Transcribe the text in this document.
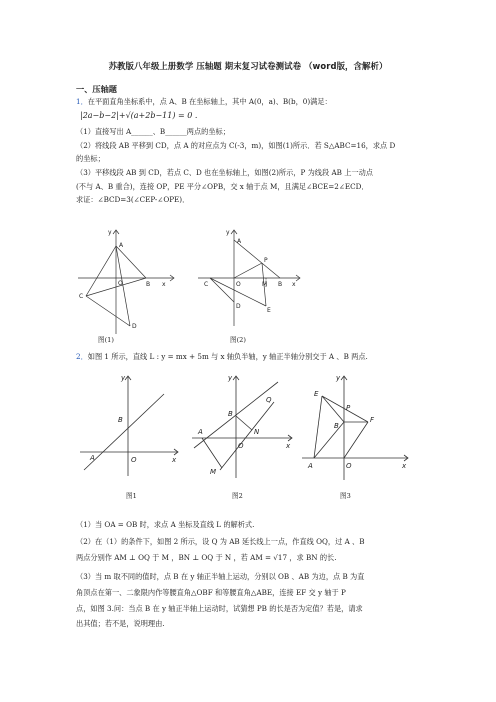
苏教版八年级上册数学 压轴题 期末复习试卷测试卷 （word版，含解析）
一、压轴题
1．在平面直角坐标系中，点 A、B 在坐标轴上，其中 A(0，a)、B(b，0)满足：
|2a−b−2|+√(a+2b−11) = 0 .
（1）直接写出 A______、B______两点的坐标；
（2）将线段 AB 平移到 CD，点 A 的对应点为 C(-3，m)，如图(1)所示．若 S△ABC=16，求点 D
的坐标；
（3）平移线段 AB 到 CD，若点 C、D 也在坐标轴上，如图(2)所示，P 为线段 AB 上一动点
(不与 A、B 重合)，连接 OP，PE 平分∠OPB，交 x 轴于点 M，且满足∠BCE=2∠ECD．
求证：∠BCD=3(∠CEP-∠OPE)．
y
A
O	B x
C
D
图(1)
y
A
P
C	O	M B x
D
E
图(2)
2．如图 1 所示，直线 L : y = mx + 5m 与 x 轴负半轴，y 轴正半轴分别交于 A 、B 两点.
y
B
A	O	x
图1
y
Q
B
N
A
O	x
M
图2
y
E
P
B
F
A	O	x
图3
（1）当 OA = OB 时，求点 A 坐标及直线 L 的解析式.
（2）在（1）的条件下，如图 2 所示，设 Q 为 AB 延长线上一点，作直线 OQ，过 A 、B
两点分别作 AM ⊥ OQ 于 M ，BN ⊥ OQ 于 N ，若 AM = √17 ，求 BN 的长.
（3）当 m 取不同的值时，点 B 在 y 轴正半轴上运动，分别以 OB 、AB 为边，点 B 为直
角顶点在第一、二象限内作等腰直角△OBF 和等腰直角△ABE，连接 EF 交 y 轴于 P
点，如图 3.问：当点 B 在 y 轴正半轴上运动时，试猜想 PB 的长是否为定值？若是，请求
出其值；若不是，说明理由.
